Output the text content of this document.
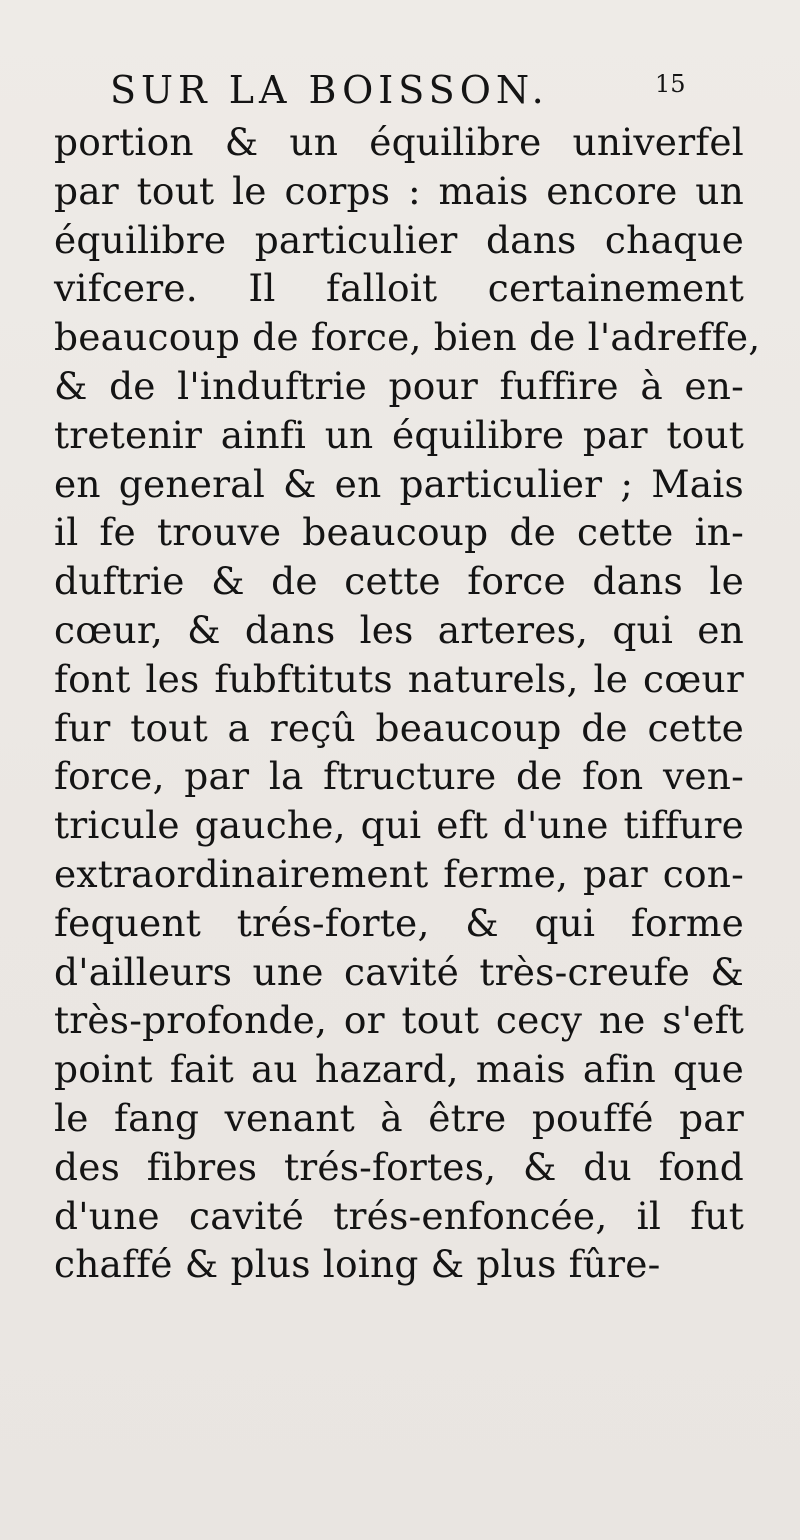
SUR LA BOISSON.	15
portion & un équilibre univerfel
par tout le corps : mais encore un
équilibre particulier dans chaque
vifcere. Il falloit certainement
beaucoup de force, bien de l'adreffe,
& de l'induftrie pour fuffire à en-
tretenir ainfi un équilibre par tout
en general & en particulier ; Mais
il fe trouve beaucoup de cette in-
duftrie & de cette force dans le
cœur, & dans les arteres, qui en
font les fubftituts naturels, le cœur
fur tout a reçû beaucoup de cette
force, par la ftructure de fon ven-
tricule gauche, qui eft d'une tiffure
extraordinairement ferme, par con-
fequent trés-forte, & qui forme
d'ailleurs une cavité très-creufe &
très-profonde, or tout cecy ne s'eft
point fait au hazard, mais afin que
le fang venant à être pouffé par
des fibres trés-fortes, & du fond
d'une cavité trés-enfoncée, il fut
chaffé & plus loing & plus fûre-
